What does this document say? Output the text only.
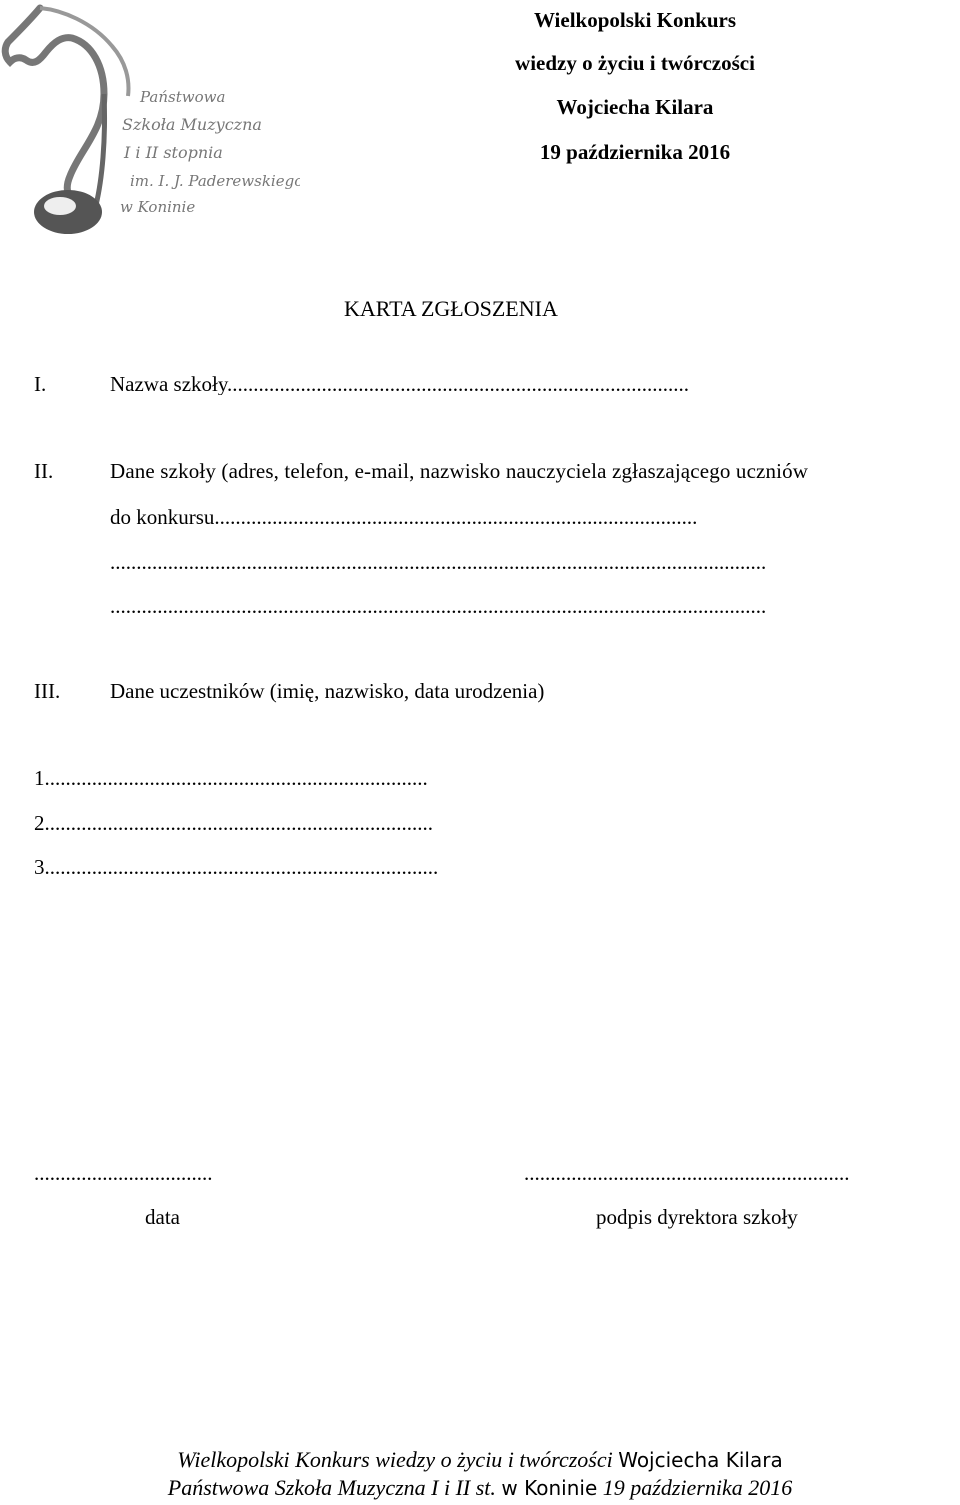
Państwowa
Szkoła Muzyczna
I i II stopnia
im. I. J. Paderewskiego
w Koninie
Wielkopolski Konkurs
wiedzy o życiu i twórczości
Wojciecha Kilara
19 października 2016
KARTA ZGŁOSZENIA
I.	Nazwa szkoły........................................................................................
II.	Dane szkoły (adres, telefon, e-mail, nazwisko nauczyciela zgłaszającego uczniów
do konkursu............................................................................................
.............................................................................................................................
.............................................................................................................................
III. Dane uczestników (imię, nazwisko, data urodzenia)
1.........................................................................
2..........................................................................
3...........................................................................
..................................	..............................................................
data	podpis dyrektora szkoły
Wielkopolski Konkurs wiedzy o życiu i twórczości Wojciecha Kilara
Państwowa Szkoła Muzyczna I i II st. w Koninie 19 października 2016
